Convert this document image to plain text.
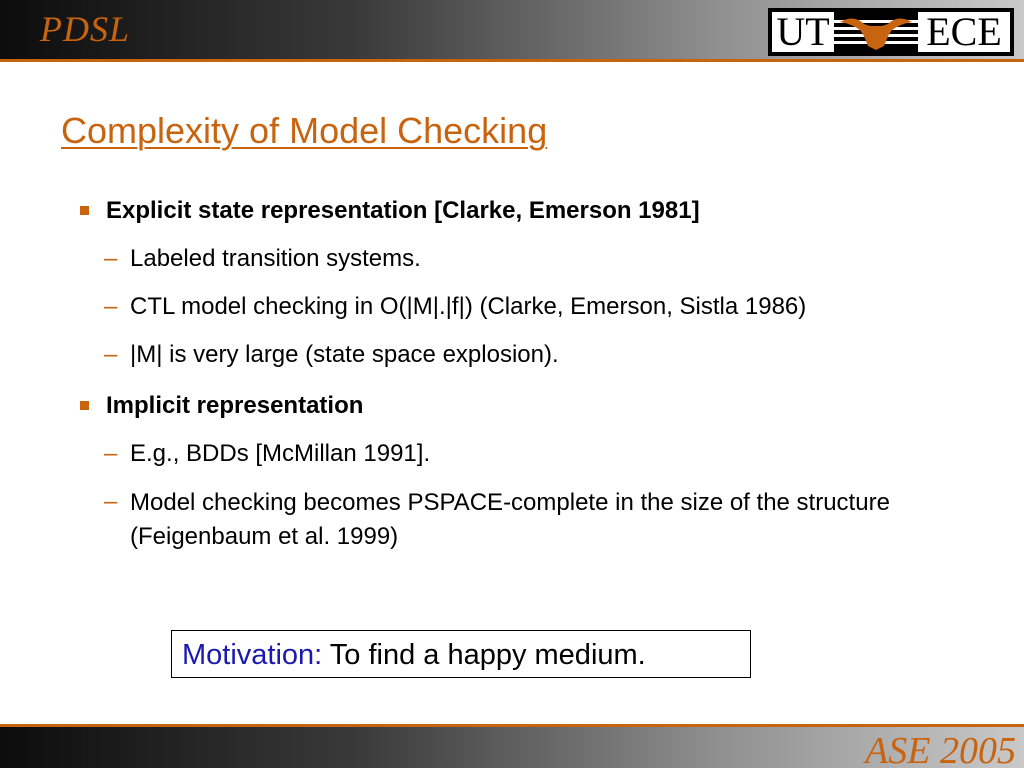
PDSL	UT ECE
Complexity of Model Checking
Explicit state representation [Clarke, Emerson 1981]
– Labeled transition systems.
– CTL model checking in O(|M|.|f|) (Clarke, Emerson, Sistla 1986)
– |M| is very large (state space explosion).
Implicit representation
– E.g., BDDs [McMillan 1991].
– Model checking becomes PSPACE-complete in the size of the structure (Feigenbaum et al. 1999)
Motivation: To find a happy medium.
ASE 2005
